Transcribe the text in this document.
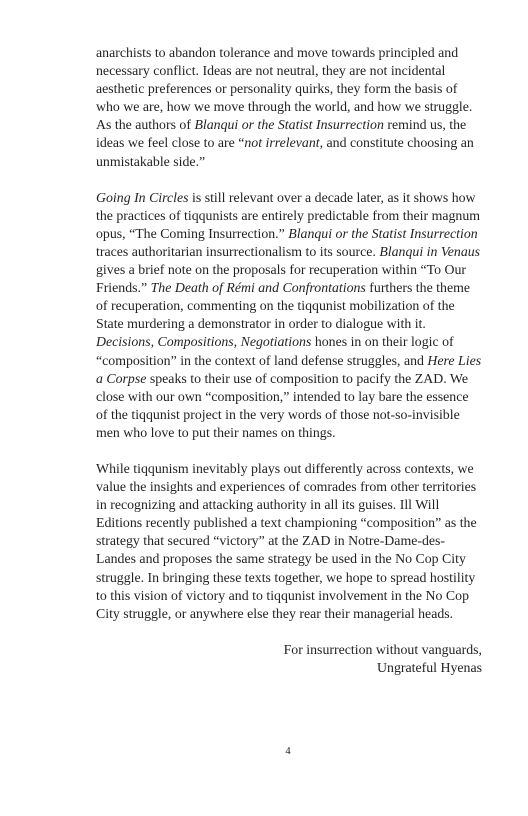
anarchists to abandon tolerance and move towards principled and necessary conflict. Ideas are not neutral, they are not incidental aesthetic preferences or personality quirks, they form the basis of who we are, how we move through the world, and how we struggle. As the authors of Blanqui or the Statist Insurrection remind us, the ideas we feel close to are “not irrelevant, and constitute choosing an unmistakable side.”

Going In Circles is still relevant over a decade later, as it shows how the practices of tiqqunists are entirely predictable from their magnum opus, “The Coming Insurrection.” Blanqui or the Statist Insurrection traces authoritarian insurrectionalism to its source. Blanqui in Venaus gives a brief note on the proposals for recuperation within “To Our Friends.” The Death of Rémi and Confrontations furthers the theme of recuperation, commenting on the tiqqunist mobilization of the State murdering a demonstrator in order to dialogue with it. Decisions, Compositions, Negotiations hones in on their logic of “composition” in the context of land defense struggles, and Here Lies a Corpse speaks to their use of composition to pacify the ZAD. We close with our own “composition,” intended to lay bare the essence of the tiqqunist project in the very words of those not-so-invisible men who love to put their names on things.

While tiqqunism inevitably plays out differently across contexts, we value the insights and experiences of comrades from other territories in recognizing and attacking authority in all its guises. Ill Will Editions recently published a text championing “composition” as the strategy that secured “victory” at the ZAD in Notre-Dame-des-Landes and proposes the same strategy be used in the No Cop City struggle. In bringing these texts together, we hope to spread hostility to this vision of victory and to tiqqunist involvement in the No Cop City struggle, or anywhere else they rear their managerial heads.

For insurrection without vanguards,
Ungrateful Hyenas
4
